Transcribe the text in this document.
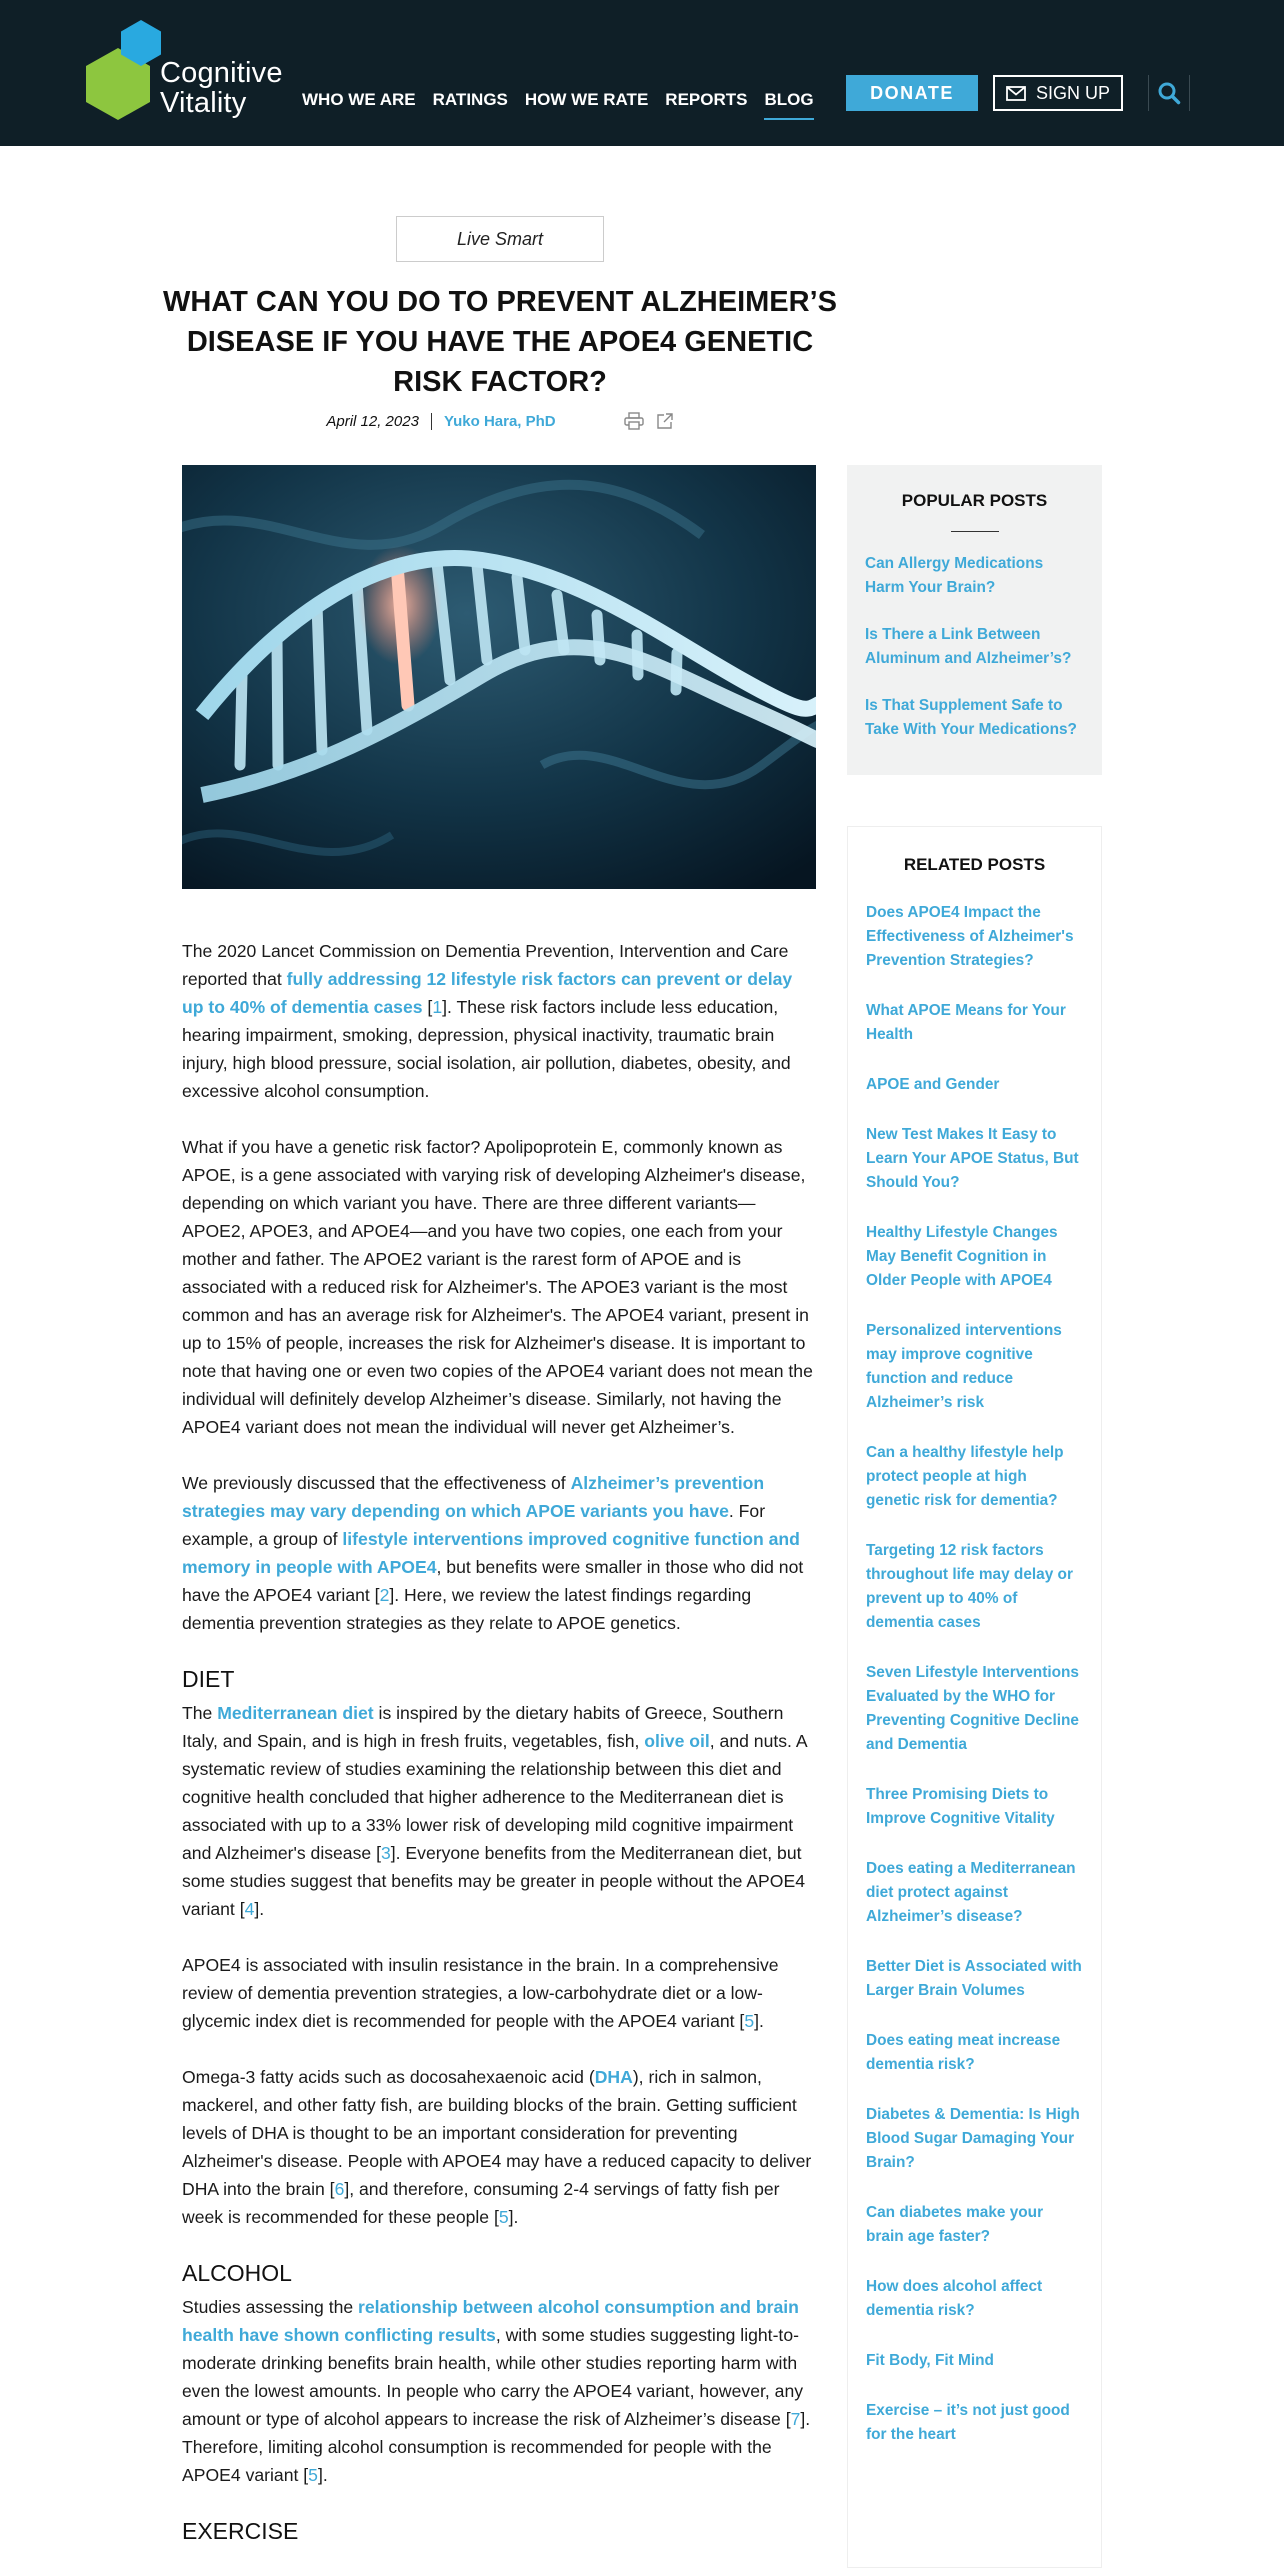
Cognitive
Vitality	WHO WE ARE RATINGS HOW WE RATE REPORTS BLOG	DONATE	SIGN UP
Live Smart
WHAT CAN YOU DO TO PREVENT ALZHEIMER’S DISEASE IF YOU HAVE THE APOE4 GENETIC RISK FACTOR?
April 12, 2023	Yuko Hara, PhD

The 2020 Lancet Commission on Dementia Prevention, Intervention and Care reported that fully addressing 12 lifestyle risk factors can prevent or delay up to 40% of dementia cases [1]. These risk factors include less education, hearing impairment, smoking, depression, physical inactivity, traumatic brain injury, high blood pressure, social isolation, air pollution, diabetes, obesity, and excessive alcohol consumption.

What if you have a genetic risk factor? Apolipoprotein E, commonly known as APOE, is a gene associated with varying risk of developing Alzheimer's disease, depending on which variant you have. There are three different variants—APOE2, APOE3, and APOE4—and you have two copies, one each from your mother and father. The APOE2 variant is the rarest form of APOE and is associated with a reduced risk for Alzheimer's. The APOE3 variant is the most common and has an average risk for Alzheimer's. The APOE4 variant, present in up to 15% of people, increases the risk for Alzheimer's disease. It is important to note that having one or even two copies of the APOE4 variant does not mean the individual will definitely develop Alzheimer’s disease. Similarly, not having the APOE4 variant does not mean the individual will never get Alzheimer’s.

We previously discussed that the effectiveness of Alzheimer’s prevention strategies may vary depending on which APOE variants you have. For example, a group of lifestyle interventions improved cognitive function and memory in people with APOE4, but benefits were smaller in those who did not have the APOE4 variant [2]. Here, we review the latest findings regarding dementia prevention strategies as they relate to APOE genetics.

DIET

The Mediterranean diet is inspired by the dietary habits of Greece, Southern Italy, and Spain, and is high in fresh fruits, vegetables, fish, olive oil, and nuts. A systematic review of studies examining the relationship between this diet and cognitive health concluded that higher adherence to the Mediterranean diet is associated with up to a 33% lower risk of developing mild cognitive impairment and Alzheimer's disease [3]. Everyone benefits from the Mediterranean diet, but some studies suggest that benefits may be greater in people without the APOE4 variant [4].

APOE4 is associated with insulin resistance in the brain. In a comprehensive review of dementia prevention strategies, a low-carbohydrate diet or a low-glycemic index diet is recommended for people with the APOE4 variant [5].

Omega-3 fatty acids such as docosahexaenoic acid (DHA), rich in salmon, mackerel, and other fatty fish, are building blocks of the brain. Getting sufficient levels of DHA is thought to be an important consideration for preventing Alzheimer's disease. People with APOE4 may have a reduced capacity to deliver DHA into the brain [6], and therefore, consuming 2-4 servings of fatty fish per week is recommended for these people [5].

ALCOHOL

Studies assessing the relationship between alcohol consumption and brain health have shown conflicting results, with some studies suggesting light-to-moderate drinking benefits brain health, while other studies reporting harm with even the lowest amounts. In people who carry the APOE4 variant, however, any amount or type of alcohol appears to increase the risk of Alzheimer’s disease [7]. Therefore, limiting alcohol consumption is recommended for people with the APOE4 variant [5].

EXERCISE
POPULAR POSTS
Can Allergy Medications Harm Your Brain?
Is There a Link Between Aluminum and Alzheimer’s?
Is That Supplement Safe to Take With Your Medications?
RELATED POSTS
Does APOE4 Impact the Effectiveness of Alzheimer's Prevention Strategies?
What APOE Means for Your Health
APOE and Gender
New Test Makes It Easy to Learn Your APOE Status, But Should You?
Healthy Lifestyle Changes May Benefit Cognition in Older People with APOE4
Personalized interventions may improve cognitive function and reduce Alzheimer’s risk
Can a healthy lifestyle help protect people at high genetic risk for dementia?
Targeting 12 risk factors throughout life may delay or prevent up to 40% of dementia cases
Seven Lifestyle Interventions Evaluated by the WHO for Preventing Cognitive Decline and Dementia
Three Promising Diets to Improve Cognitive Vitality
Does eating a Mediterranean diet protect against Alzheimer’s disease?
Better Diet is Associated with Larger Brain Volumes
Does eating meat increase dementia risk?
Diabetes & Dementia: Is High Blood Sugar Damaging Your Brain?
Can diabetes make your brain age faster?
How does alcohol affect dementia risk?
Fit Body, Fit Mind
Exercise – it’s not just good for the heart
